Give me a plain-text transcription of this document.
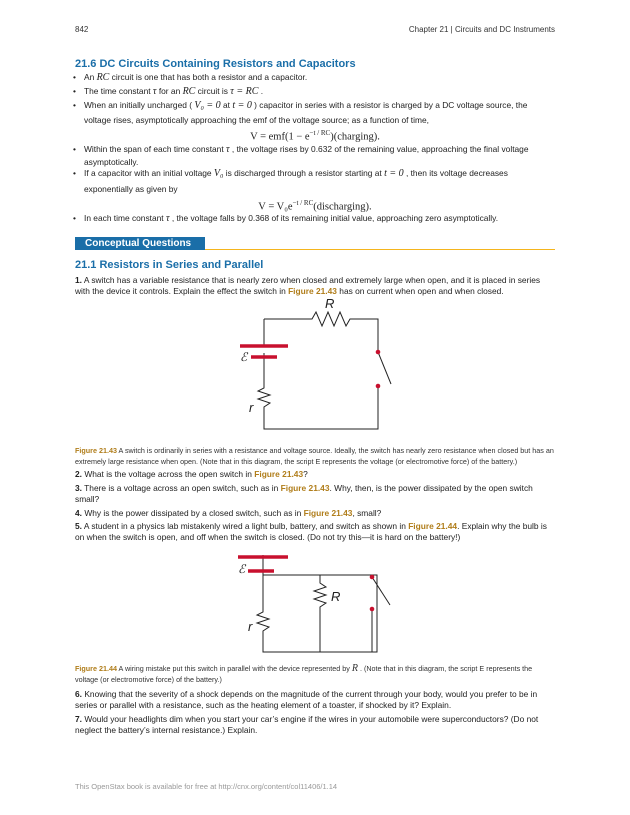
842	Chapter 21 | Circuits and DC Instruments
21.6 DC Circuits Containing Resistors and Capacitors
• An RC circuit is one that has both a resistor and a capacitor.
• The time constant τ for an RC circuit is τ = RC .
• When an initially uncharged ( V₀ = 0 at t = 0 ) capacitor in series with a resistor is charged by a DC voltage source, the
voltage rises, asymptotically approaching the emf of the voltage source; as a function of time,
$V = emf(1 - e^{-t / RC})(charging)$.
• Within the span of each time constant τ , the voltage rises by 0.632 of the remaining value, approaching the final voltage
asymptotically.
• If a capacitor with an initial voltage V₀ is discharged through a resistor starting at t = 0 , then its voltage decreases
exponentially as given by
$V = V_0e^{-t / RC}(discharging)$.
• In each time constant τ , the voltage falls by 0.368 of its remaining initial value, approaching zero asymptotically.
Conceptual Questions
21.1 Resistors in Series and Parallel
1. A switch has a variable resistance that is nearly zero when closed and extremely large when open, and it is placed in series
with the device it controls. Explain the effect the switch in Figure 21.43 has on current when open and when closed.
R
ℰ
r
Figure 21.43 A switch is ordinarily in series with a resistance and voltage source. Ideally, the switch has nearly zero resistance when closed but has an
extremely large resistance when open. (Note that in this diagram, the script E represents the voltage (or electromotive force) of the battery.)
2. What is the voltage across the open switch in Figure 21.43?
3. There is a voltage across an open switch, such as in Figure 21.43. Why, then, is the power dissipated by the open switch
small?
4. Why is the power dissipated by a closed switch, such as in Figure 21.43, small?
5. A student in a physics lab mistakenly wired a light bulb, battery, and switch as shown in Figure 21.44. Explain why the bulb is
on when the switch is open, and off when the switch is closed. (Do not try this—it is hard on the battery!)
ℰ
R
r
Figure 21.44 A wiring mistake put this switch in parallel with the device represented by R . (Note that in this diagram, the script E represents the
voltage (or electromotive force) of the battery.)
6. Knowing that the severity of a shock depends on the magnitude of the current through your body, would you prefer to be in
series or parallel with a resistance, such as the heating element of a toaster, if shocked by it? Explain.
7. Would your headlights dim when you start your car’s engine if the wires in your automobile were superconductors? (Do not
neglect the battery’s internal resistance.) Explain.
This OpenStax book is available for free at http://cnx.org/content/col11406/1.14
